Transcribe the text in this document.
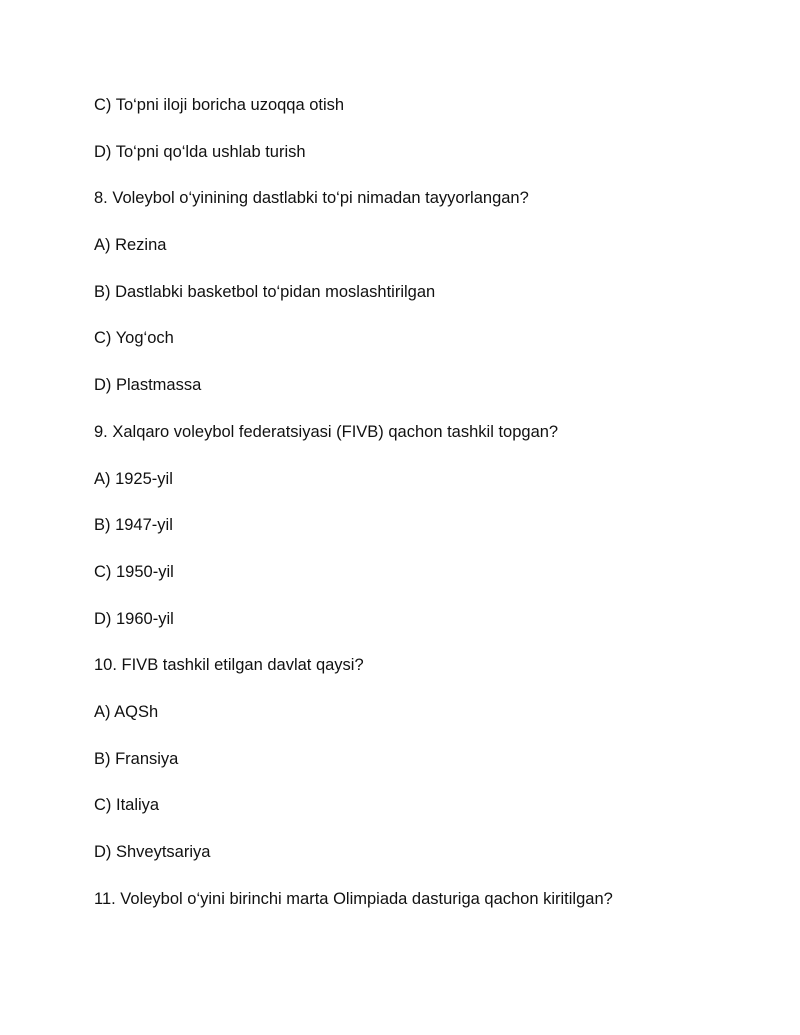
C) To‘pni iloji boricha uzoqqa otish
D) To‘pni qo‘lda ushlab turish
8. Voleybol o‘yinining dastlabki to‘pi nimadan tayyorlangan?
A) Rezina
B) Dastlabki basketbol to‘pidan moslashtirilgan
C) Yog‘och
D) Plastmassa
9. Xalqaro voleybol federatsiyasi (FIVB) qachon tashkil topgan?
A) 1925-yil
B) 1947-yil
C) 1950-yil
D) 1960-yil
10. FIVB tashkil etilgan davlat qaysi?
A) AQSh
B) Fransiya
C) Italiya
D) Shveytsariya
11. Voleybol o‘yini birinchi marta Olimpiada dasturiga qachon kiritilgan?
